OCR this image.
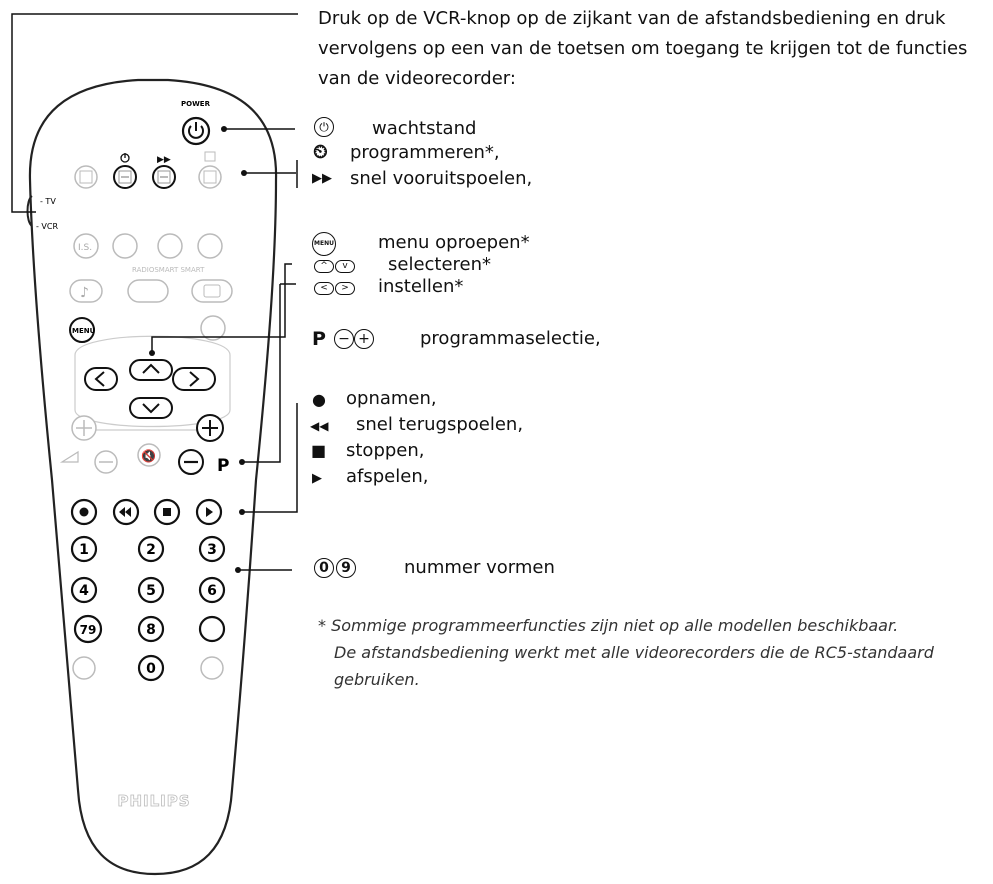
- TV
- VCR
POWER
▶▶
I.S.
RADIOSMART SMART
♪
MENU
🔇	P
1	2	3
4	5	6
79	8
0
PHILIPS
Druk op de VCR-knop op de zijkant van de afstandsbediening en druk vervolgens op een van de toetsen om toegang te krijgen tot de functies van de videorecorder:
⏻ wachtstand
⏲ programmeren*,
▶▶ snel vooruitspoelen,
MENU menu oproepen*
^ v	selecteren*
< >	instellen*
P − +	programmaselectie,
● opnamen,
◀◀ snel terugspoelen,
■ stoppen,
▶ afspelen,
0 9	nummer vormen
* Sommige programmeerfuncties zijn niet op alle modellen beschikbaar.
De afstandsbediening werkt met alle videorecorders die de RC5-standaard gebruiken.
